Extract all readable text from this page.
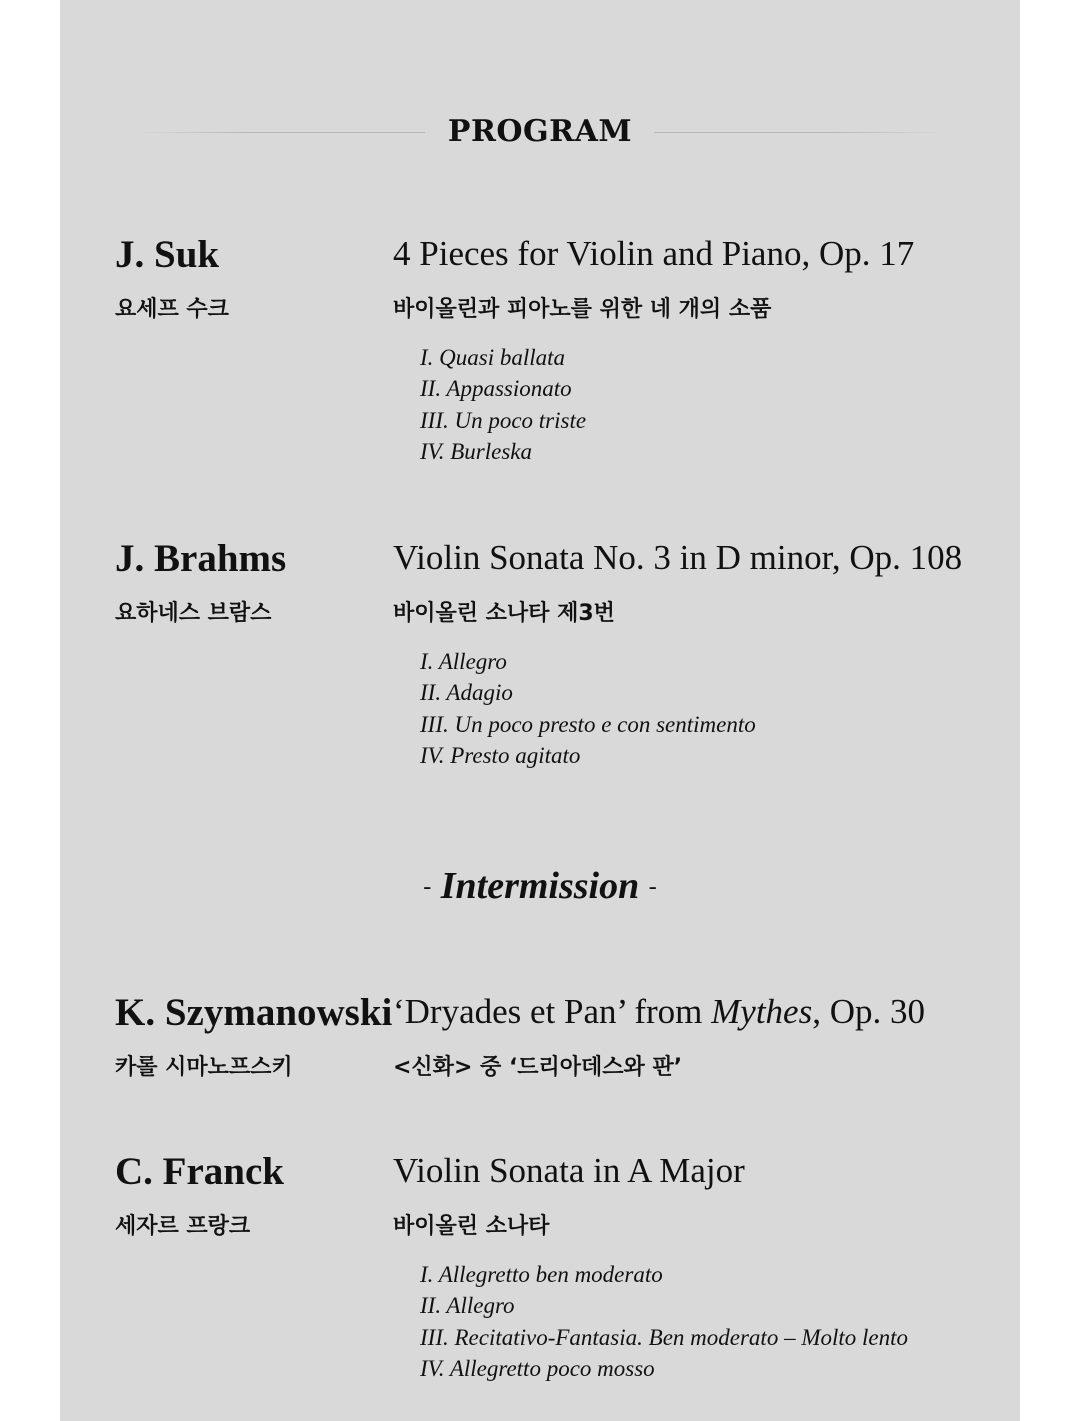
PROGRAM
J. Suk
요세프 수크
4 Pieces for Violin and Piano, Op. 17
바이올린과 피아노를 위한 네 개의 소품
I. Quasi ballata
II. Appassionato
III. Un poco triste
IV. Burleska
J. Brahms
요하네스 브람스
Violin Sonata No. 3 in D minor, Op. 108
바이올린 소나타 제3번
I. Allegro
II. Adagio
III. Un poco presto e con sentimento
IV. Presto agitato
- Intermission -
K. Szymanowski
카롤 시마노프스키
‘Dryades et Pan’ from Mythes, Op. 30
<신화> 중 ‘드리아데스와 판’
C. Franck
세자르 프랑크
Violin Sonata in A Major
바이올린 소나타
I. Allegretto ben moderato
II. Allegro
III. Recitativo-Fantasia. Ben moderato – Molto lento
IV. Allegretto poco mosso
